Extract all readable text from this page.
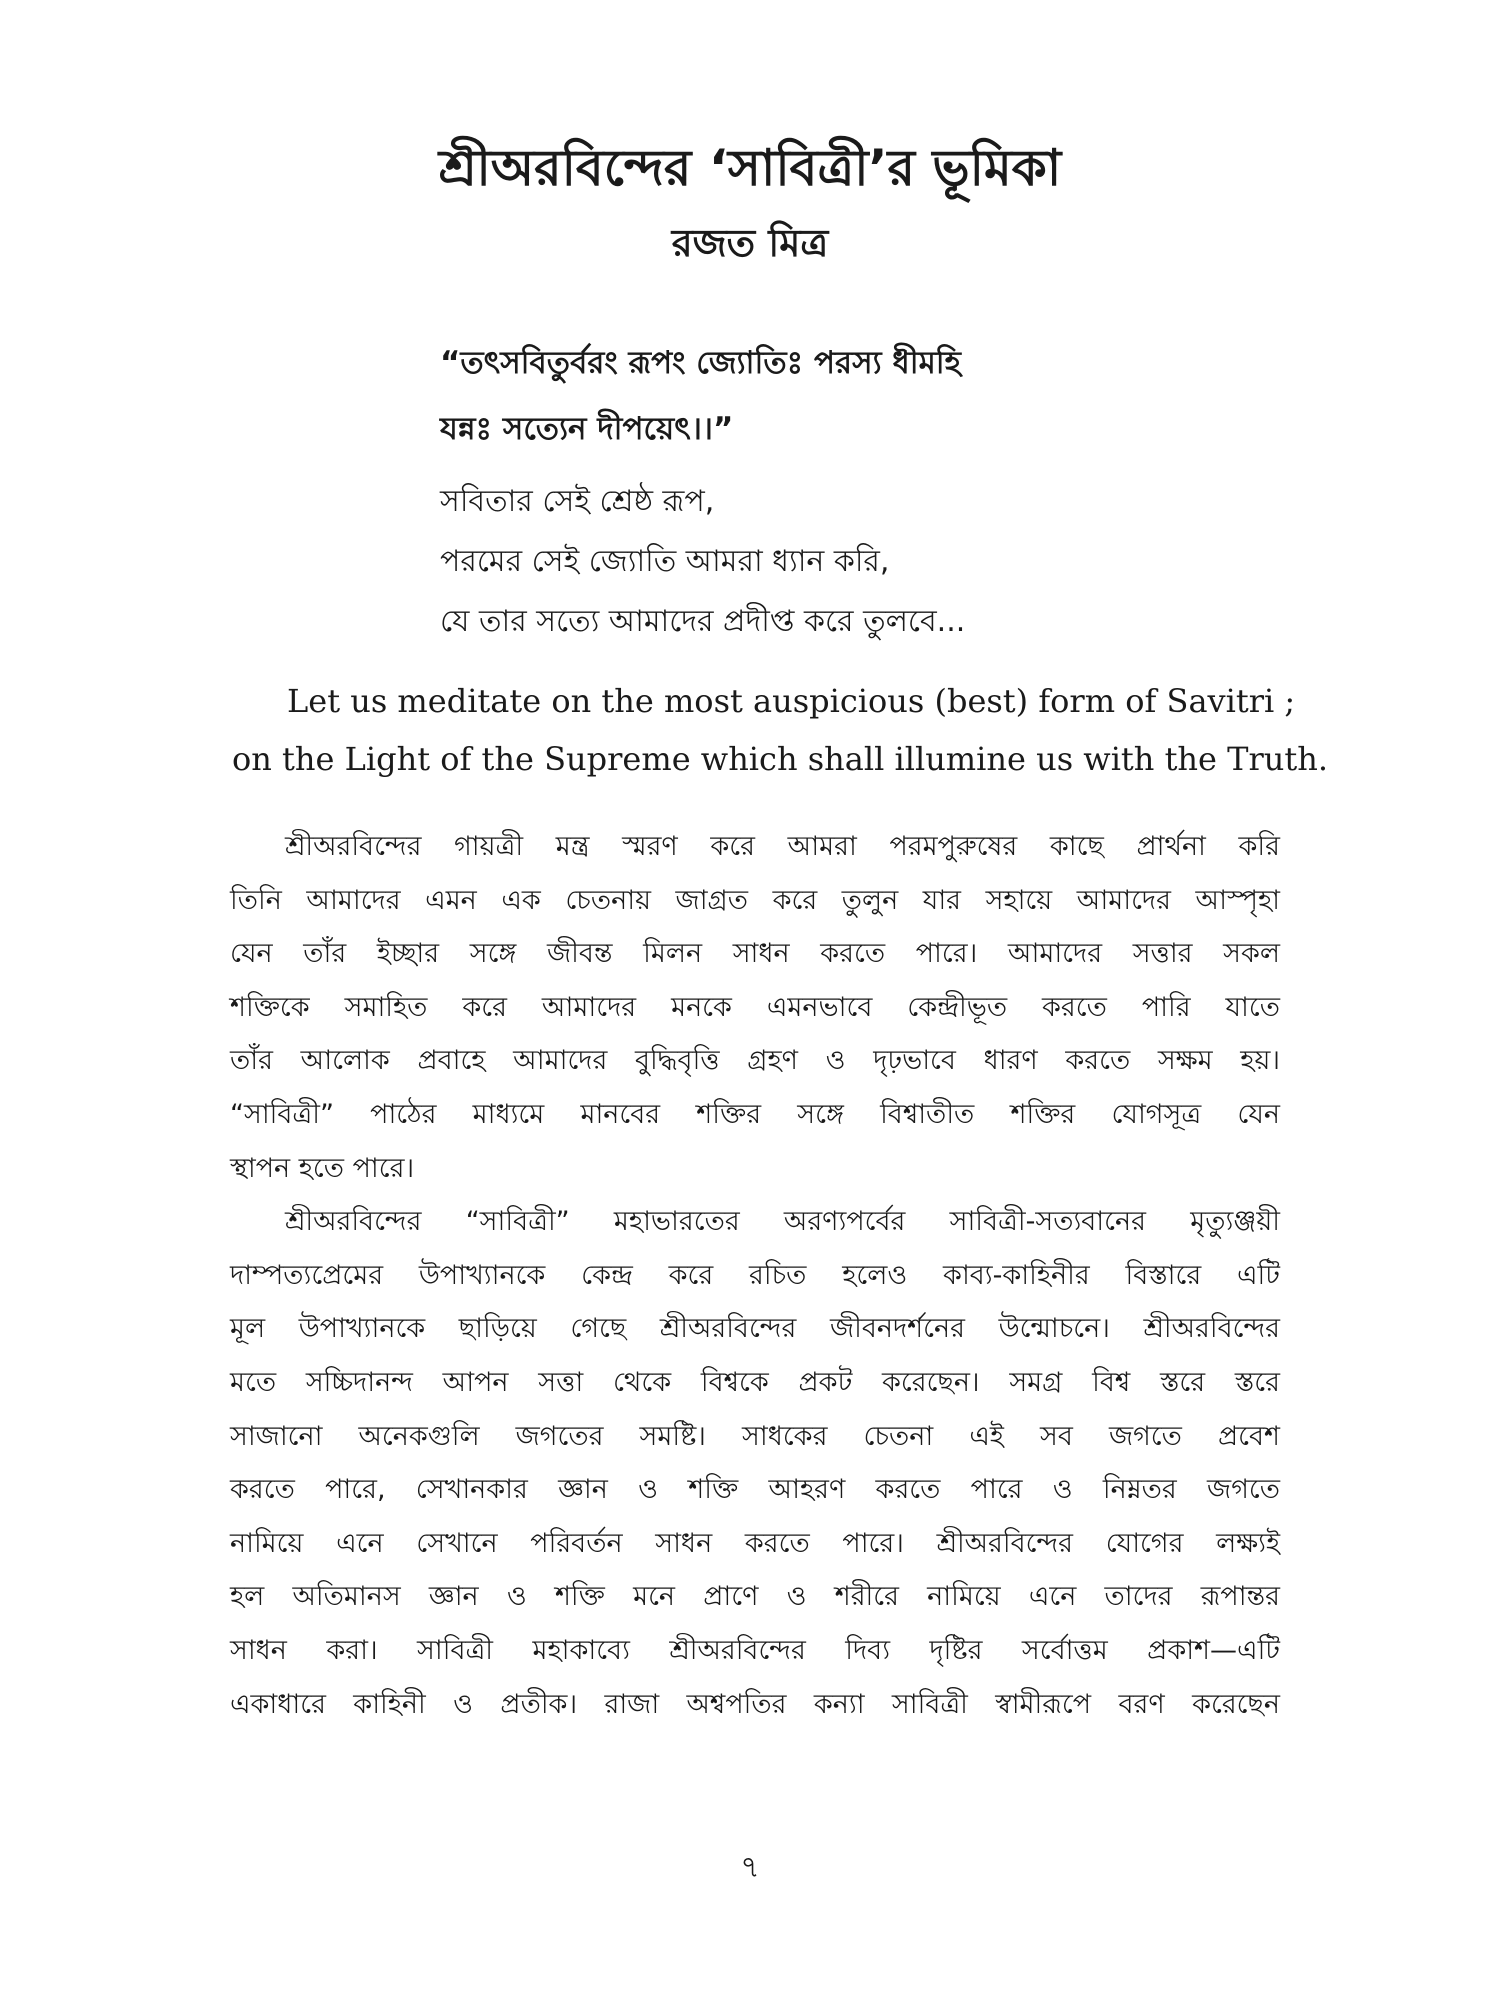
শ্রীঅরবিন্দের ‘সাবিত্রী’র ভূমিকা
রজত মিত্র
“তৎসবিতুর্বরং রূপং জ্যোতিঃ পরস্য ধীমহি
যন্নঃ সত্যেন দীপয়েৎ।।”
সবিতার সেই শ্রেষ্ঠ রূপ,
পরমের সেই জ্যোতি আমরা ধ্যান করি,
যে তার সত্যে আমাদের প্রদীপ্ত করে তুলবে...
Let us meditate on the most auspicious (best) form of Savitri ;
on the Light of the Supreme which shall illumine us with the Truth.
শ্রীঅরবিন্দের গায়ত্রী মন্ত্র স্মরণ করে আমরা পরমপুরুষের কাছে প্রার্থনা করি
তিনি আমাদের এমন এক চেতনায় জাগ্রত করে তুলুন যার সহায়ে আমাদের আস্পৃহা
যেন তাঁর ইচ্ছার সঙ্গে জীবন্ত মিলন সাধন করতে পারে। আমাদের সত্তার সকল
শক্তিকে সমাহিত করে আমাদের মনকে এমনভাবে কেন্দ্রীভূত করতে পারি যাতে
তাঁর আলোক প্রবাহে আমাদের বুদ্ধিবৃত্তি গ্রহণ ও দৃঢ়ভাবে ধারণ করতে সক্ষম হয়।
“সাবিত্রী” পাঠের মাধ্যমে মানবের শক্তির সঙ্গে বিশ্বাতীত শক্তির যোগসূত্র যেন
স্থাপন হতে পারে।
শ্রীঅরবিন্দের “সাবিত্রী” মহাভারতের অরণ্যপর্বের সাবিত্রী-সত্যবানের মৃত্যুঞ্জয়ী
দাম্পত্যপ্রেমের উপাখ্যানকে কেন্দ্র করে রচিত হলেও কাব্য-কাহিনীর বিস্তারে এটি
মূল উপাখ্যানকে ছাড়িয়ে গেছে শ্রীঅরবিন্দের জীবনদর্শনের উন্মোচনে। শ্রীঅরবিন্দের
মতে সচ্চিদানন্দ আপন সত্তা থেকে বিশ্বকে প্রকট করেছেন। সমগ্র বিশ্ব স্তরে স্তরে
সাজানো অনেকগুলি জগতের সমষ্টি। সাধকের চেতনা এই সব জগতে প্রবেশ
করতে পারে, সেখানকার জ্ঞান ও শক্তি আহরণ করতে পারে ও নিম্নতর জগতে
নামিয়ে এনে সেখানে পরিবর্তন সাধন করতে পারে। শ্রীঅরবিন্দের যোগের লক্ষ্যই
হল অতিমানস জ্ঞান ও শক্তি মনে প্রাণে ও শরীরে নামিয়ে এনে তাদের রূপান্তর
সাধন করা। সাবিত্রী মহাকাব্যে শ্রীঅরবিন্দের দিব্য দৃষ্টির সর্বোত্তম প্রকাশ—এটি
একাধারে কাহিনী ও প্রতীক। রাজা অশ্বপতির কন্যা সাবিত্রী স্বামীরূপে বরণ করেছেন
৭
